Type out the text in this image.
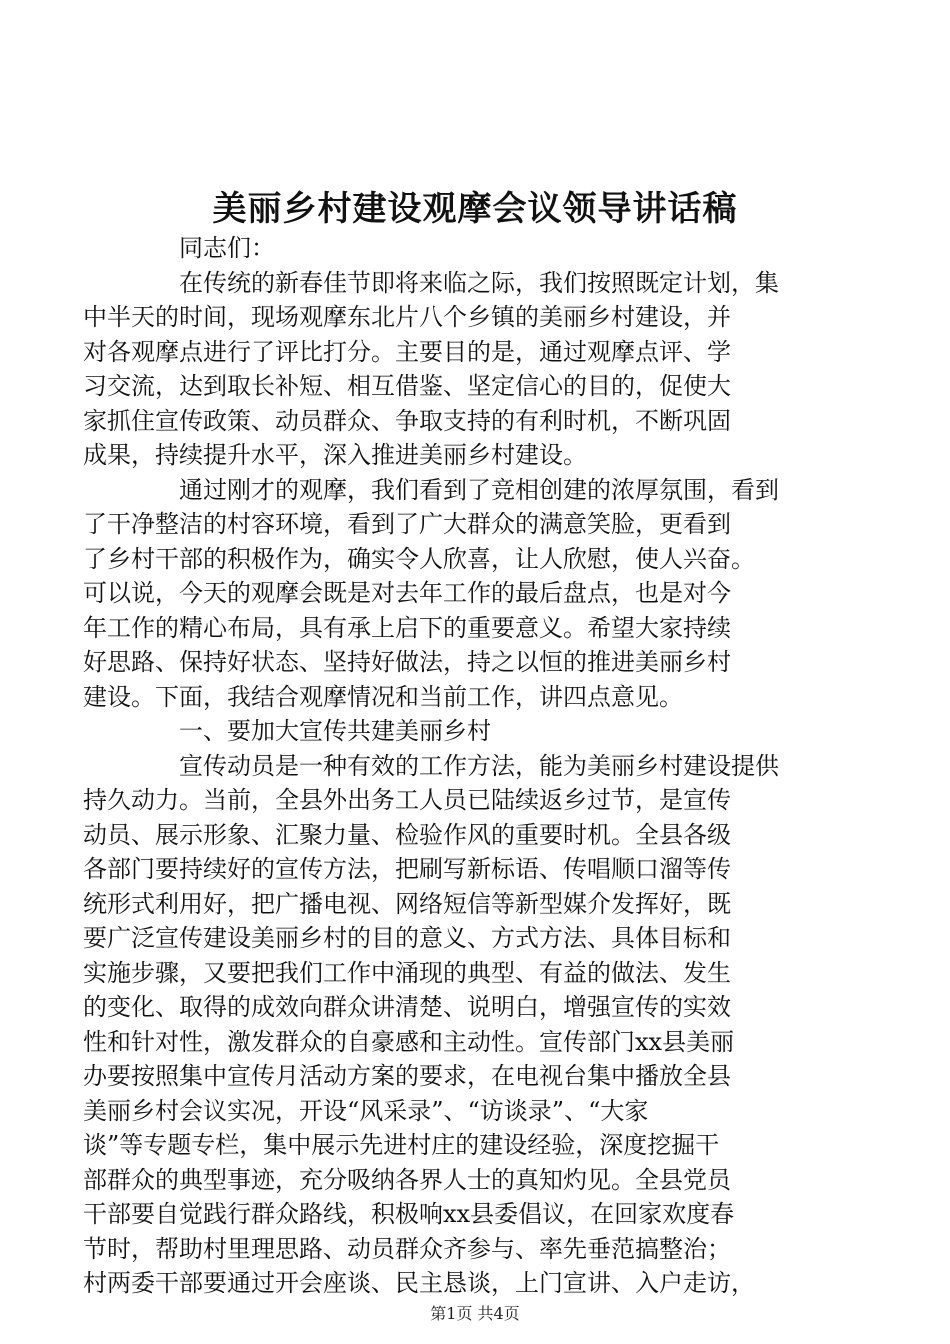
美丽乡村建设观摩会议领导讲话稿
同志们：
在传统的新春佳节即将来临之际，我们按照既定计划，集
中半天的时间，现场观摩东北片八个乡镇的美丽乡村建设，并
对各观摩点进行了评比打分。主要目的是，通过观摩点评、学
习交流，达到取长补短、相互借鉴、坚定信心的目的，促使大
家抓住宣传政策、动员群众、争取支持的有利时机，不断巩固
成果，持续提升水平，深入推进美丽乡村建设。
通过刚才的观摩，我们看到了竞相创建的浓厚氛围，看到
了干净整洁的村容环境，看到了广大群众的满意笑脸，更看到
了乡村干部的积极作为，确实令人欣喜，让人欣慰，使人兴奋。
可以说，今天的观摩会既是对去年工作的最后盘点，也是对今
年工作的精心布局，具有承上启下的重要意义。希望大家持续
好思路、保持好状态、坚持好做法，持之以恒的推进美丽乡村
建设。下面，我结合观摩情况和当前工作，讲四点意见。
一、要加大宣传共建美丽乡村
宣传动员是一种有效的工作方法，能为美丽乡村建设提供
持久动力。当前，全县外出务工人员已陆续返乡过节，是宣传
动员、展示形象、汇聚力量、检验作风的重要时机。全县各级
各部门要持续好的宣传方法，把刷写新标语、传唱顺口溜等传
统形式利用好，把广播电视、网络短信等新型媒介发挥好，既
要广泛宣传建设美丽乡村的目的意义、方式方法、具体目标和
实施步骤，又要把我们工作中涌现的典型、有益的做法、发生
的变化、取得的成效向群众讲清楚、说明白，增强宣传的实效
性和针对性，激发群众的自豪感和主动性。宣传部门xx县美丽
办要按照集中宣传月活动方案的要求，在电视台集中播放全县
美丽乡村会议实况，开设“风采录”、“访谈录”、“大家
谈”等专题专栏，集中展示先进村庄的建设经验，深度挖掘干
部群众的典型事迹，充分吸纳各界人士的真知灼见。全县党员
干部要自觉践行群众路线，积极响xx县委倡议，在回家欢度春
节时，帮助村里理思路、动员群众齐参与、率先垂范搞整治；
村两委干部要通过开会座谈、民主恳谈，上门宣讲、入户走访，
第1页 共4页
